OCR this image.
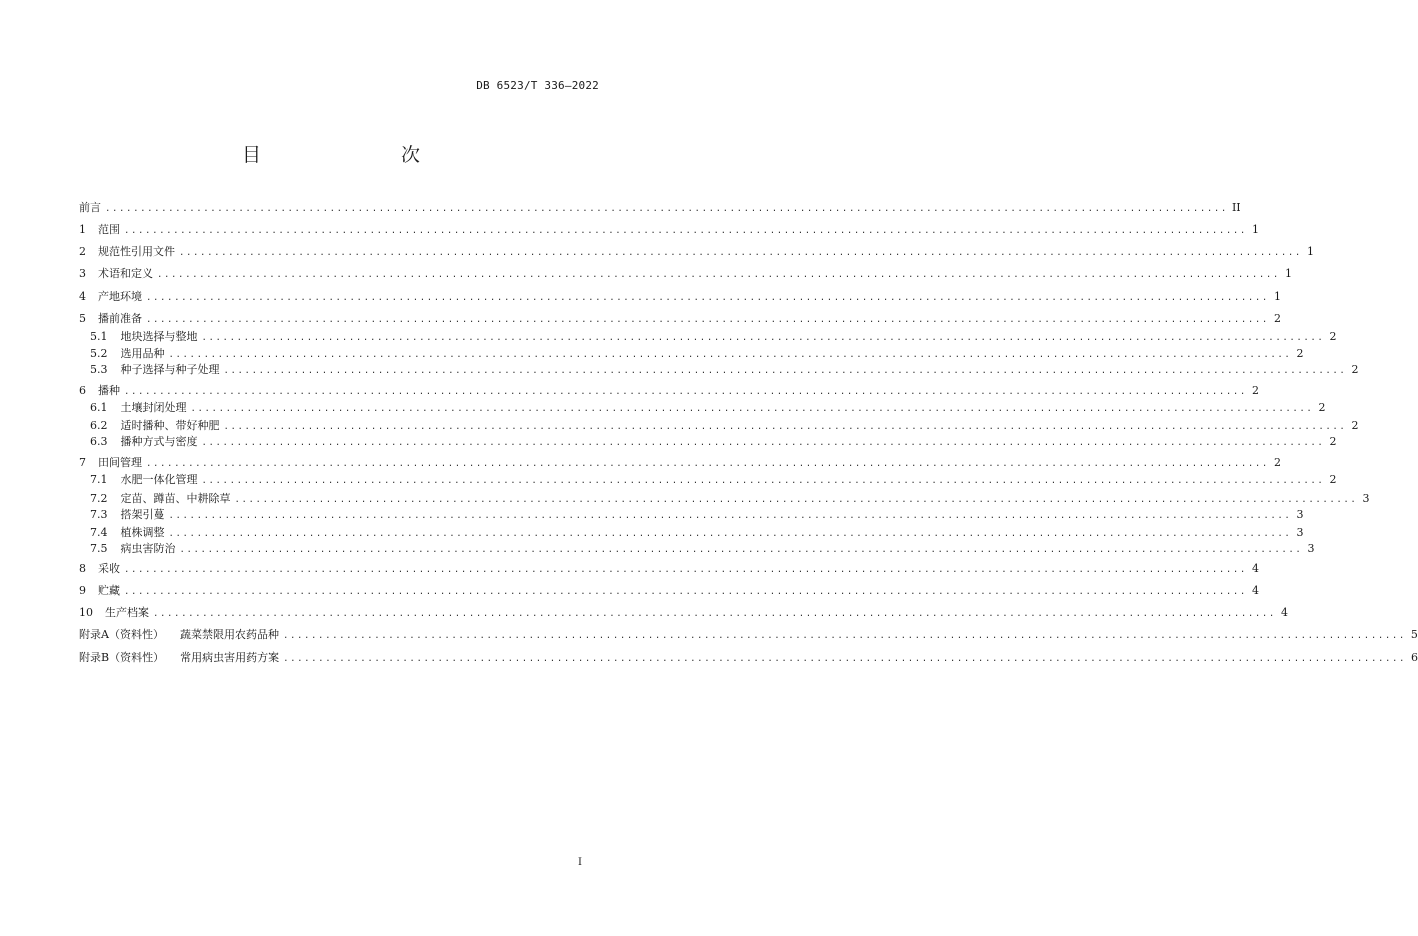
DB 6523/T 336—2022
目　　次
前言 ................................................................................................................................................................ II
1 范围 ................................................................................................................................................................ 1
2 规范性引用文件 ................................................................................................................................................................ 1
3 术语和定义 ................................................................................................................................................................ 1
4 产地环境 ................................................................................................................................................................ 1
5 播前准备 ................................................................................................................................................................ 2
5.1 地块选择与整地 ................................................................................................................................................................ 2
5.2 选用品种 ................................................................................................................................................................ 2
5.3 种子选择与种子处理 ................................................................................................................................................................ 2
6 播种 ................................................................................................................................................................ 2
6.1 土壤封闭处理 ................................................................................................................................................................ 2
6.2 适时播种、带好种肥 ................................................................................................................................................................ 2
6.3 播种方式与密度 ................................................................................................................................................................ 2
7 田间管理 ................................................................................................................................................................ 2
7.1 水肥一体化管理 ................................................................................................................................................................ 2
7.2 定苗、蹲苗、中耕除草 ................................................................................................................................................................ 3
7.3 搭架引蔓 ................................................................................................................................................................ 3
7.4 植株调整 ................................................................................................................................................................ 3
7.5 病虫害防治 ................................................................................................................................................................ 3
8 采收 ................................................................................................................................................................ 4
9 贮藏 ................................................................................................................................................................ 4
10 生产档案 ................................................................................................................................................................ 4
附录A（资料性） 蔬菜禁限用农药品种 ................................................................................................................................................................ 5
附录B（资料性） 常用病虫害用药方案 ................................................................................................................................................................ 6
I
